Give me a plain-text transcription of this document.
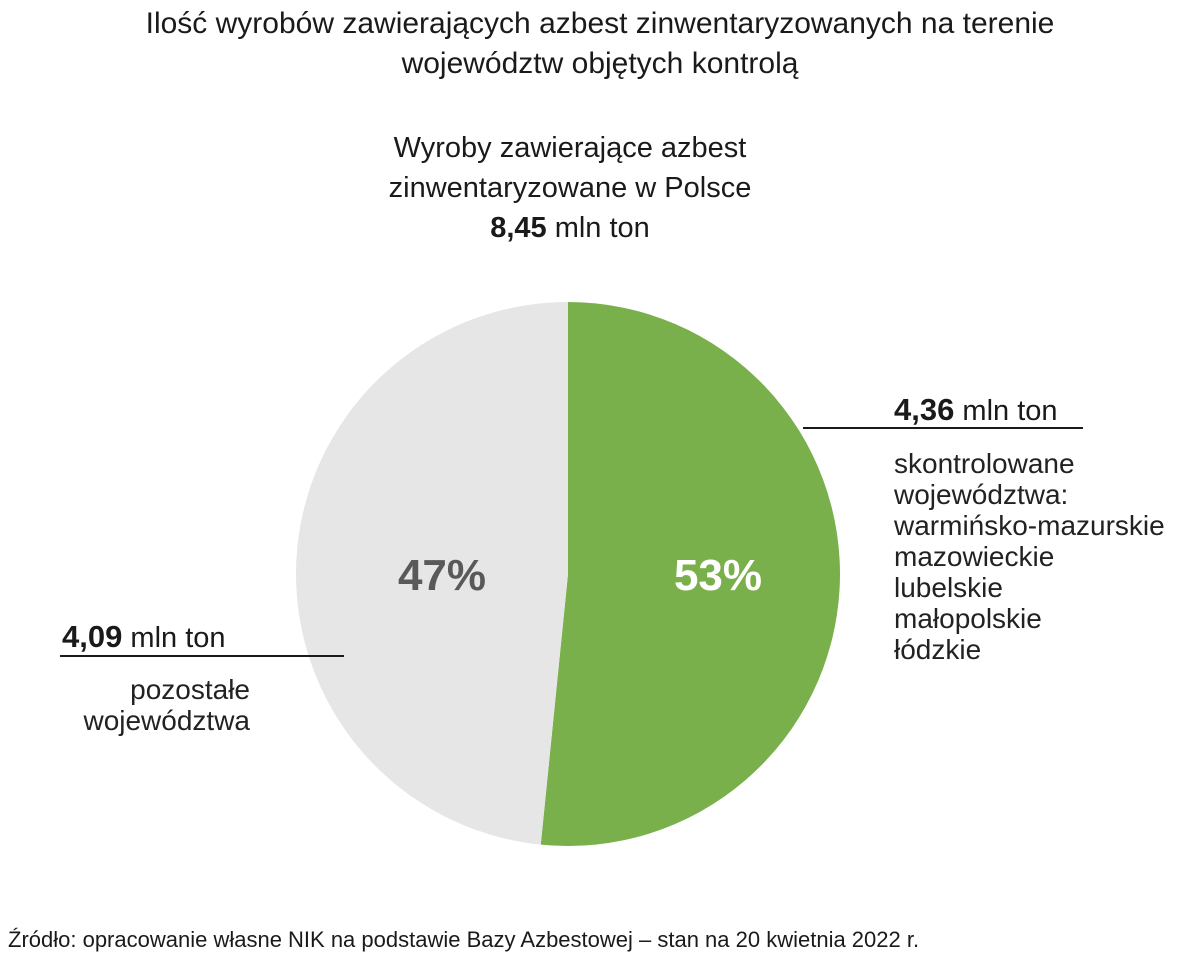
Ilość wyrobów zawierających azbest zinwentaryzowanych na terenie
województw objętych kontrolą
Wyroby zawierające azbest
zinwentaryzowane w Polsce
8,45 mln ton
53%
47%
4,36 mln ton
skontrolowane
województwa:
warmińsko-mazurskie
mazowieckie
lubelskie
małopolskie
łódzkie
4,09 mln ton
pozostałe
województwa
Źródło: opracowanie własne NIK na podstawie Bazy Azbestowej – stan na 20 kwietnia 2022 r.
